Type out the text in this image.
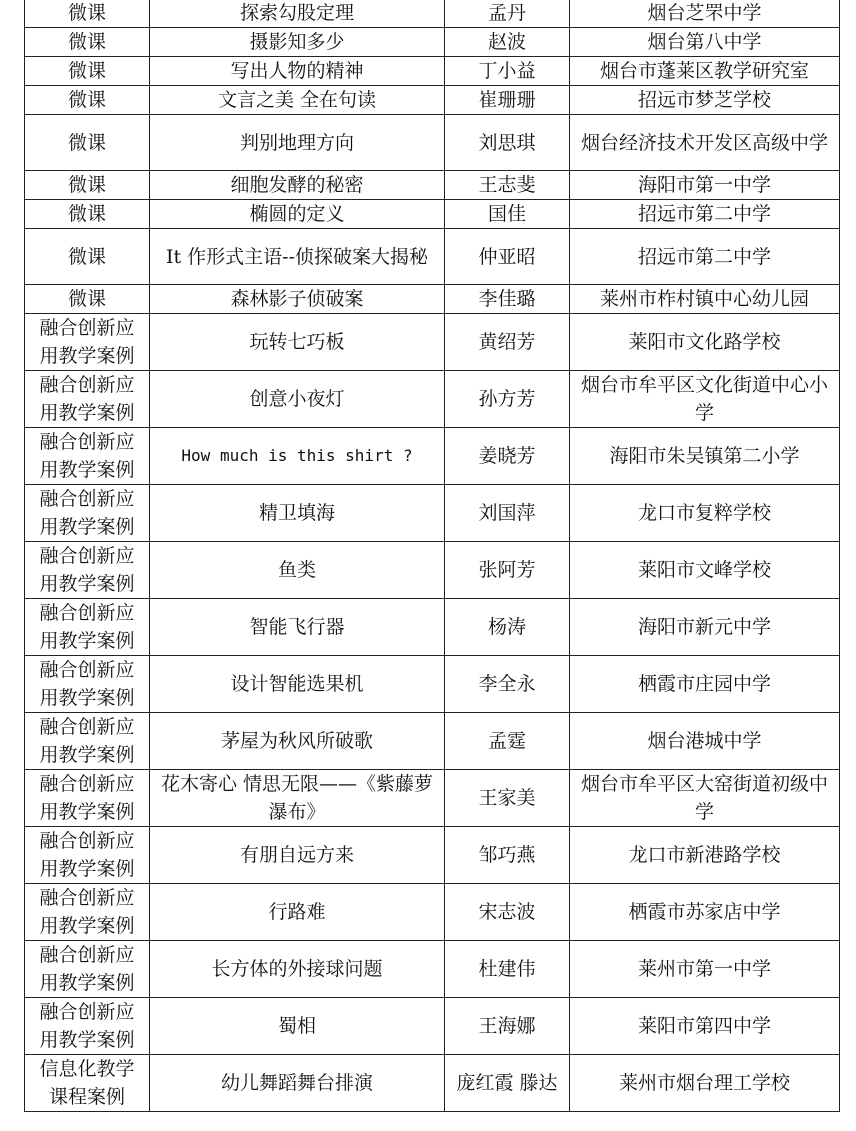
微课	探索勾股定理	孟丹	烟台芝罘中学
微课	摄影知多少	赵波	烟台第八中学
微课	写出人物的精神	丁小益	烟台市蓬莱区教学研究室
微课	文言之美 全在句读	崔珊珊	招远市梦芝学校
微课	判别地理方向	刘思琪	烟台经济技术开发区高级中学
微课	细胞发酵的秘密	王志斐	海阳市第一中学
微课	椭圆的定义	国佳	招远市第二中学
微课	It 作形式主语--侦探破案大揭秘	仲亚昭	招远市第二中学
微课	森林影子侦破案	李佳璐	莱州市柞村镇中心幼儿园
融合创新应用教学案例	玩转七巧板	黄绍芳	莱阳市文化路学校
融合创新应用教学案例	创意小夜灯	孙方芳	烟台市牟平区文化街道中心小学
融合创新应用教学案例	How much is this shirt ?	姜晓芳	海阳市朱吴镇第二小学
融合创新应用教学案例	精卫填海	刘国萍	龙口市复粹学校
融合创新应用教学案例	鱼类	张阿芳	莱阳市文峰学校
融合创新应用教学案例	智能飞行器	杨涛	海阳市新元中学
融合创新应用教学案例	设计智能选果机	李全永	栖霞市庄园中学
融合创新应用教学案例	茅屋为秋风所破歌	孟霆	烟台港城中学
融合创新应用教学案例	花木寄心 情思无限——《紫藤萝瀑布》	王家美	烟台市牟平区大窑街道初级中学
融合创新应用教学案例	有朋自远方来	邹巧燕	龙口市新港路学校
融合创新应用教学案例	行路难	宋志波	栖霞市苏家店中学
融合创新应用教学案例	长方体的外接球问题	杜建伟	莱州市第一中学
融合创新应用教学案例	蜀相	王海娜	莱阳市第四中学
信息化教学课程案例	幼儿舞蹈舞台排演	庞红霞 滕达	莱州市烟台理工学校
